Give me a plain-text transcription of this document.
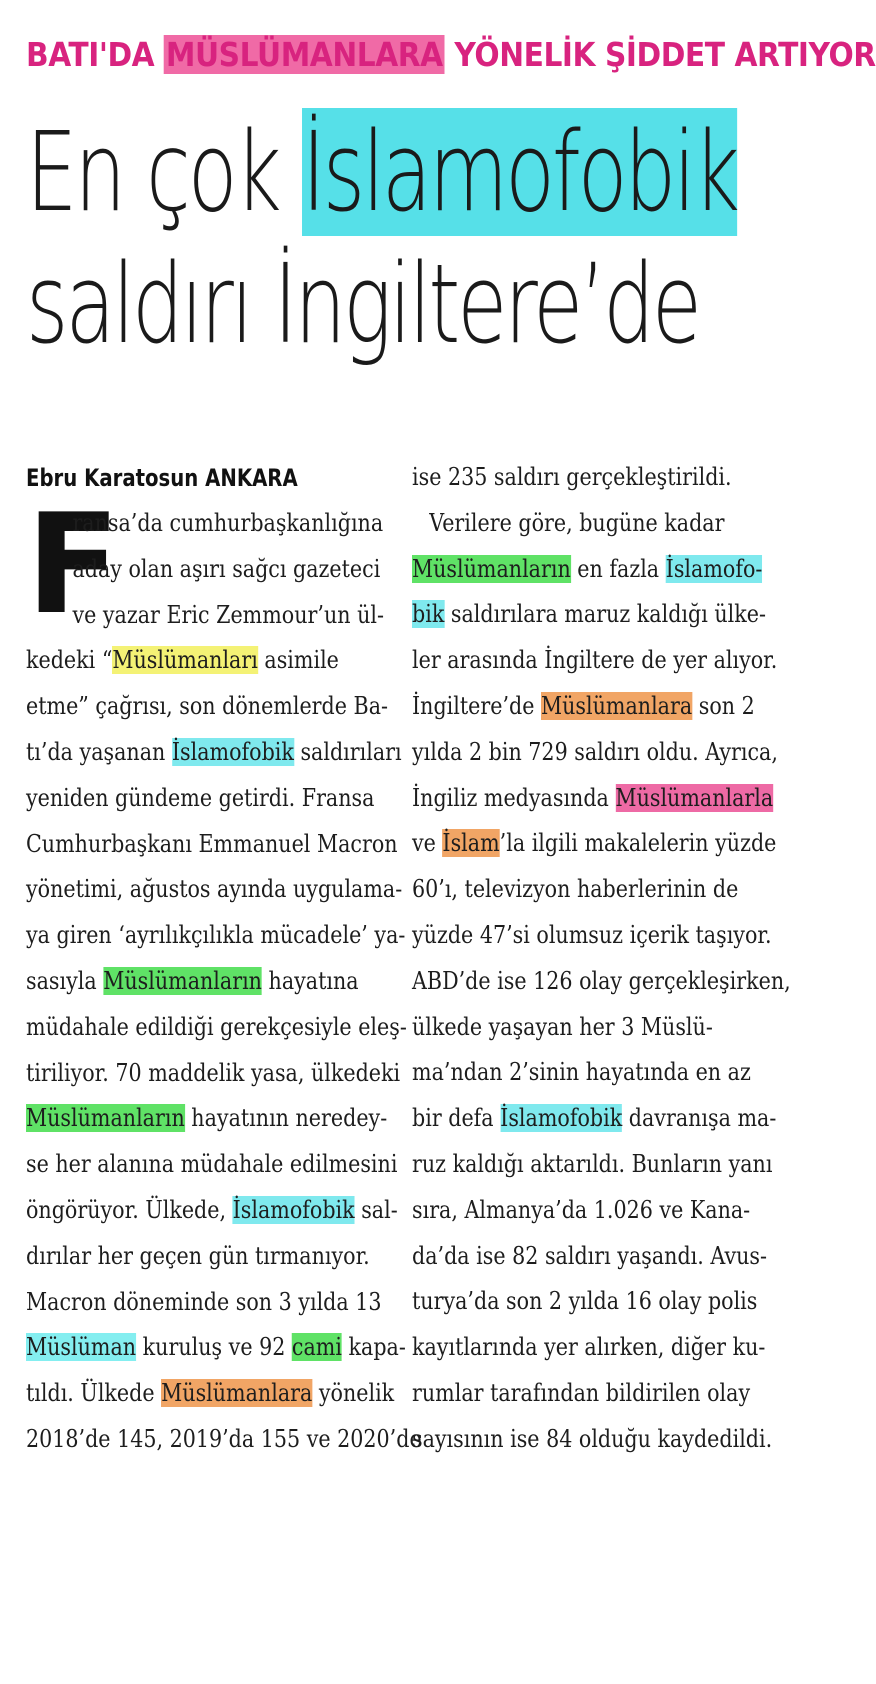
BATI'DA MÜSLÜMANLARA YÖNELİK ŞİDDET ARTIYOR
En çok İslamofobik
saldırı İngiltere’de
F
Ebru Karatosun ANKARA
ransa’da cumhurbaşkanlığına
aday olan aşırı sağcı gazeteci
ve yazar Eric Zemmour’un ül-
kedeki “Müslümanları asimile
etme” çağrısı, son dönemlerde Ba-
tı’da yaşanan İslamofobik saldırıları
yeniden gündeme getirdi. Fransa
Cumhurbaşkanı Emmanuel Macron
yönetimi, ağustos ayında uygulama-
ya giren ‘ayrılıkçılıkla mücadele’ ya-
sasıyla Müslümanların hayatına
müdahale edildiği gerekçesiyle eleş-
tiriliyor. 70 maddelik yasa, ülkedeki
Müslümanların hayatının neredey-
se her alanına müdahale edilmesini
öngörüyor. Ülkede, İslamofobik sal-
dırılar her geçen gün tırmanıyor.
Macron döneminde son 3 yılda 13
Müslüman kuruluş ve 92 cami kapa-
tıldı. Ülkede Müslümanlara yönelik
2018’de 145, 2019’da 155 ve 2020’de
ise 235 saldırı gerçekleştirildi.
Verilere göre, bugüne kadar
Müslümanların en fazla İslamofo-
bik saldırılara maruz kaldığı ülke-
ler arasında İngiltere de yer alıyor.
İngiltere’de Müslümanlara son 2
yılda 2 bin 729 saldırı oldu. Ayrıca,
İngiliz medyasında Müslümanlarla
ve İslam’la ilgili makalelerin yüzde
60’ı, televizyon haberlerinin de
yüzde 47’si olumsuz içerik taşıyor.
ABD’de ise 126 olay gerçekleşirken,
ülkede yaşayan her 3 Müslü-
ma’ndan 2’sinin hayatında en az
bir defa İslamofobik davranışa ma-
ruz kaldığı aktarıldı. Bunların yanı
sıra, Almanya’da 1.026 ve Kana-
da’da ise 82 saldırı yaşandı. Avus-
turya’da son 2 yılda 16 olay polis
kayıtlarında yer alırken, diğer ku-
rumlar tarafından bildirilen olay
sayısının ise 84 olduğu kaydedildi.
